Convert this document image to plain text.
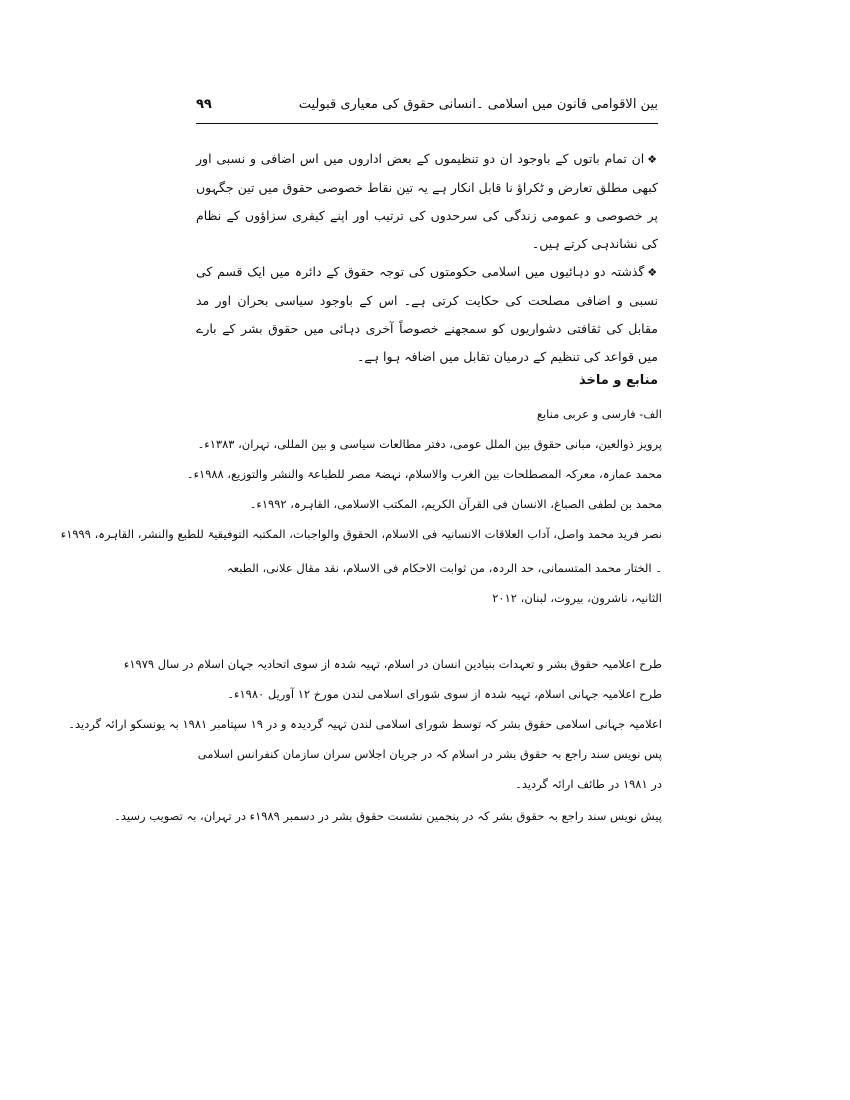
بین الاقوامی قانون میں اسلامی ۔انسانی حقوق کی معیاری قبولیت
۹۹

❖ان تمام باتوں کے باوجود ان دو تنظیموں کے بعض اداروں میں اس اضافی و نسبی اور کبھی مطلق تعارض و ٹکراؤ نا قابل انکار ہے یہ تین نقاط خصوصی حقوق میں تین جگہوں پر خصوصی و عمومی زندگی کی سرحدوں کی ترتیب اور اپنے کیفری سزاؤوں کے نظام کی نشاندہی کرتے ہیں۔

❖گذشتہ دو دہائیوں میں اسلامی حکومتوں کی توجہ حقوق کے دائرہ میں ایک قسم کی نسبی و اضافی مصلحت کی حکایت کرتی ہے۔ اس کے باوجود سیاسی بحران اور مد مقابل کی ثقافتی دشواریوں کو سمجھنے خصوصاً آخری دہائی میں حقوق بشر کے بارے میں قواعد کی تنظیم کے درمیان تقابل میں اضافہ ہوا ہے۔

منابع و ماخذ
الف- فارسی و عربی منابع
پرویز ذوالعین، مبانی حقوق بین الملل عومی، دفتر مطالعات سیاسی و بین المللی، تہران، ۱۳۸۳ء۔
محمد عمارہ، معرکہ المصطلحات بین الغرب والاسلام، نہضۃ مصر للطباعۃ والنشر والتوزیع، ۱۹۸۸ء۔
محمد بن لطفی الصباغ، الانسان فی القرآن الکریم، المکتب الاسلامی، القاہرہ، ۱۹۹۲ء۔
نصر فرید محمد واصل، آداب العلاقات الانسانیہ فی الاسلام، الحقوق والواجبات، المکتبہ التوفیقیۃ للطبع والنشر، القاہرہ، ۱۹۹۹ء
۔ الختار محمد المتسمانی، حد الردہ، من ثوابت الاحکام فی الاسلام، نقد مقال علانی، الطبعہ الثانیہ، ناشرون، بیروت، لبنان، ۲۰۱۲
طرح اعلامیہ حقوق بشر و تعہدات بنیادین انسان در اسلام، تہیہ شدہ از سوی اتحادیہ جہان اسلام در سال ۱۹۷۹ء
طرح اعلامیہ جہانی اسلام، تہیہ شدہ از سوی شورای اسلامی لندن مورخ ۱۲ آوریل ۱۹۸۰ء۔
اعلامیہ جہانی اسلامی حقوق بشر کہ توسط شورای اسلامی لندن تہیہ گردیدہ و در ۱۹ سپتامبر ۱۹۸۱ بہ یونسکو ارائہ گردید۔
پس نویس سند راجع بہ حقوق بشر در اسلام کہ در جریان اجلاس سران سازمان کنفرانس اسلامی در ۱۹۸۱ در طائف ارائہ گردید۔
پیش نویس سند راجع بہ حقوق بشر کہ در پنجمین نشست حقوق بشر در دسمبر ۱۹۸۹ء در تہران، بہ تصویب رسید۔
